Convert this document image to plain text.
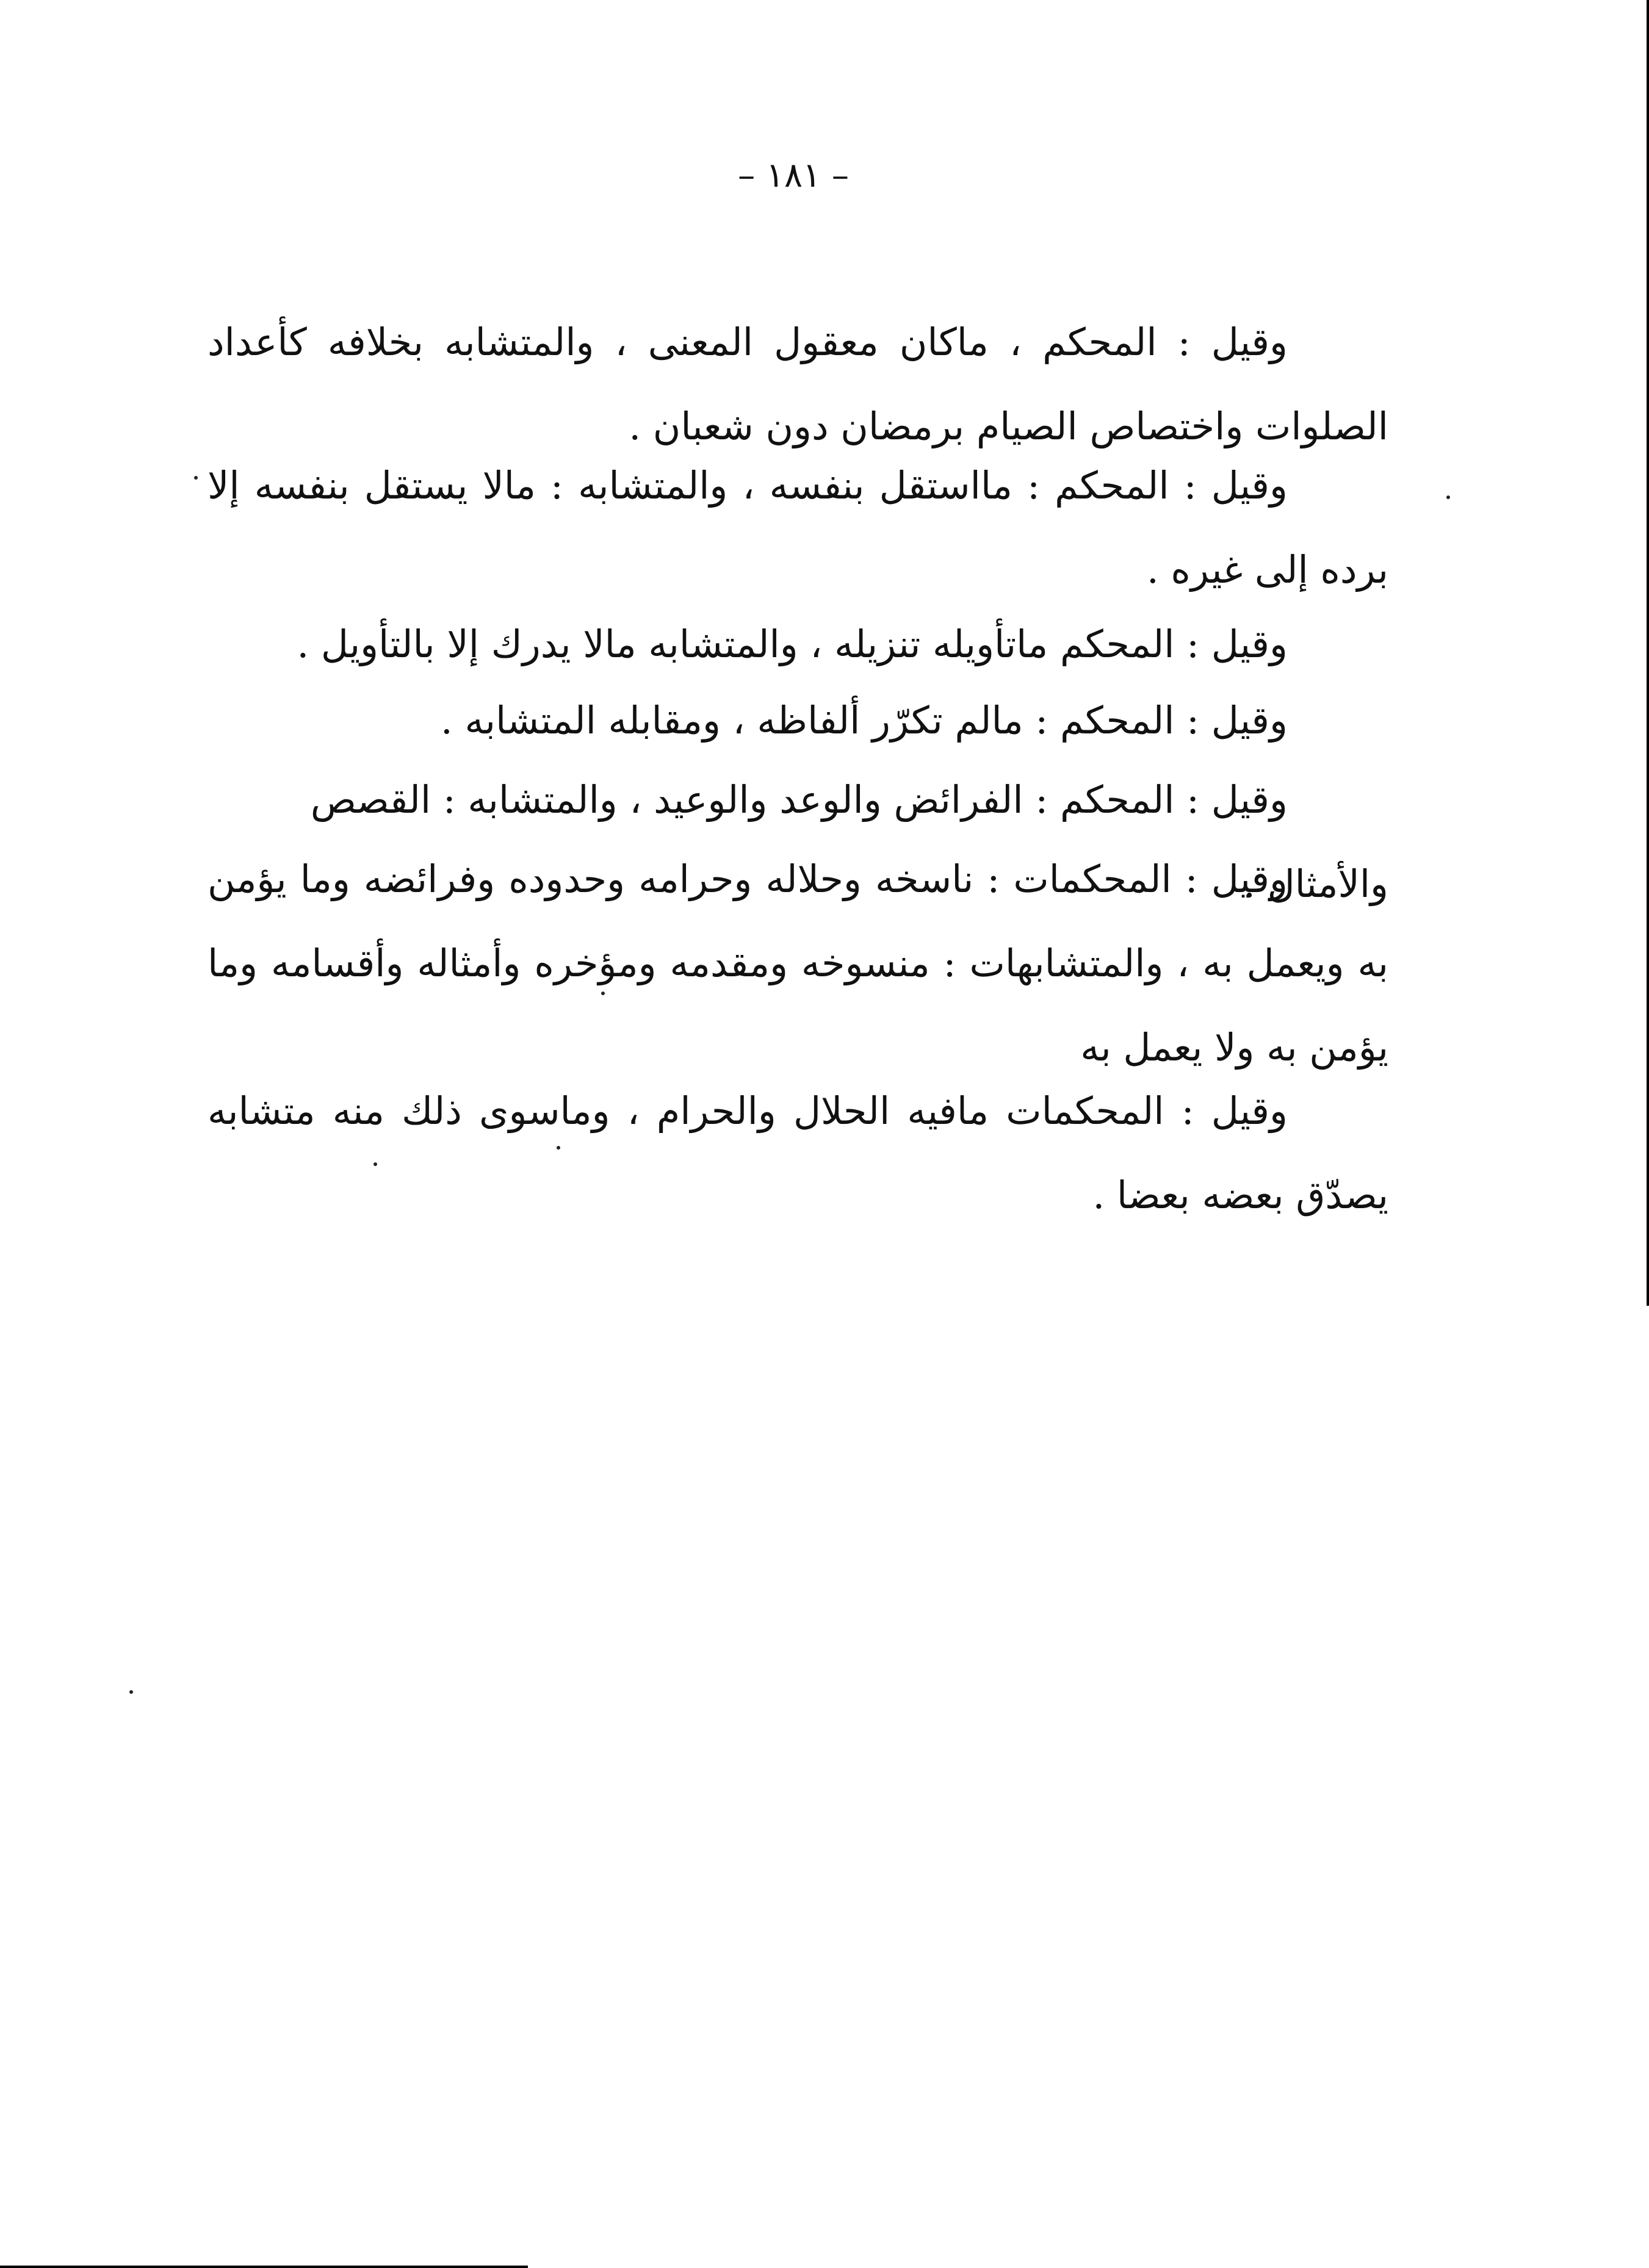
– ١٨١ –

وقيل : المحكم ، ماكان معقول المعنى ، والمتشابه بخلافه كأعداد الصلوات واختصاص الصيام برمضان دون شعبان .

وقيل : المحكم : مااستقل بنفسه ، والمتشابه : مالا يستقل بنفسه إلا برده إلى غيره .

وقيل : المحكم ماتأويله تنزيله ، والمتشابه مالا يدرك إلا بالتأويل .

وقيل : المحكم : مالم تكرّر ألفاظه ، ومقابله المتشابه .

وقيل : المحكم : الفرائض والوعد والوعيد ، والمتشابه : القصص والأمثال .

وقيل : المحكمات : ناسخه وحلاله وحرامه وحدوده وفرائضه وما يؤمن به ويعمل به ، والمتشابهات : منسوخه ومقدمه ومؤخره وأمثاله وأقسامه وما يؤمن به ولا يعمل به

وقيل : المحكمات مافيه الحلال والحرام ، وماسوى ذلك منه متشابه يصدّق بعضه بعضا .
